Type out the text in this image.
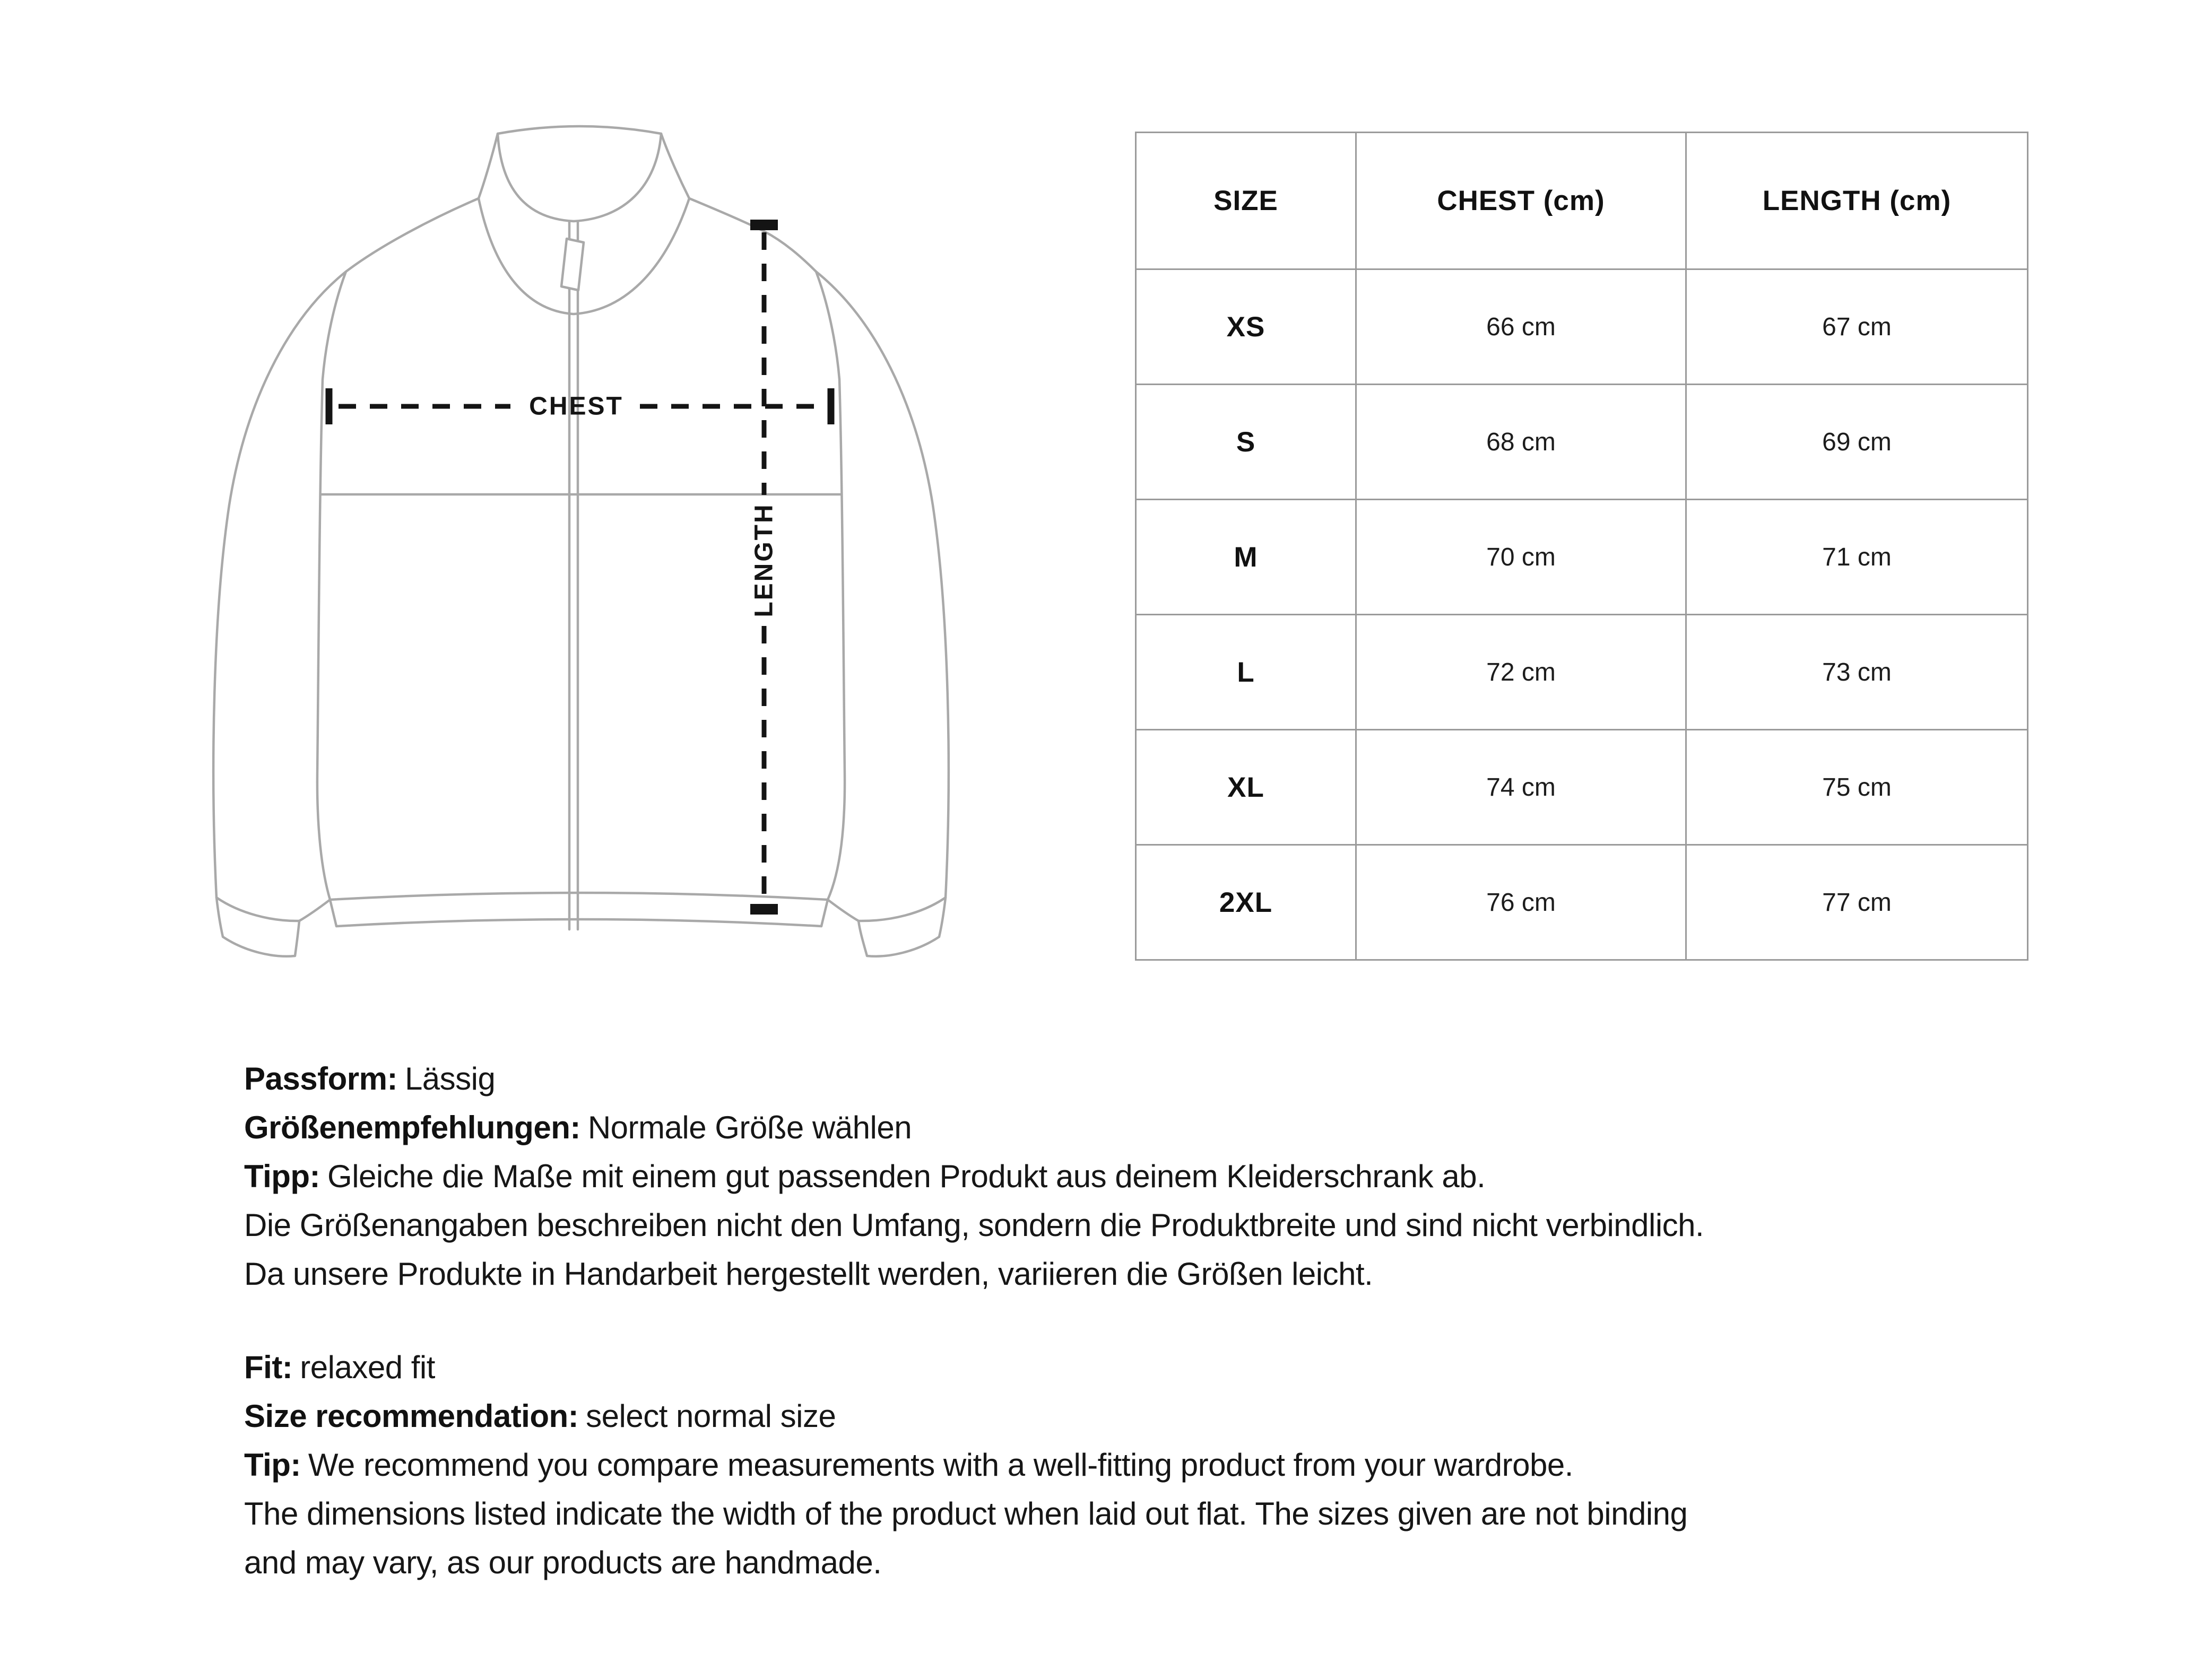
CHEST
LENGTH
SIZE	CHEST (cm)	LENGTH (cm)
XS	66 cm	67 cm
S	68 cm	69 cm
M	70 cm	71 cm
L	72 cm	73 cm
XL	74 cm	75 cm
2XL	76 cm	77 cm

Passform: Lässig

Größenempfehlungen: Normale Größe wählen

Tipp: Gleiche die Maße mit einem gut passenden Produkt aus deinem Kleiderschrank ab.

Die Größenangaben beschreiben nicht den Umfang, sondern die Produktbreite und sind nicht verbindlich.

Da unsere Produkte in Handarbeit hergestellt werden, variieren die Größen leicht.

Fit: relaxed fit

Size recommendation: select normal size

Tip: We recommend you compare measurements with a well-fitting product from your wardrobe.

The dimensions listed indicate the width of the product when laid out flat. The sizes given are not binding

and may vary, as our products are handmade.
